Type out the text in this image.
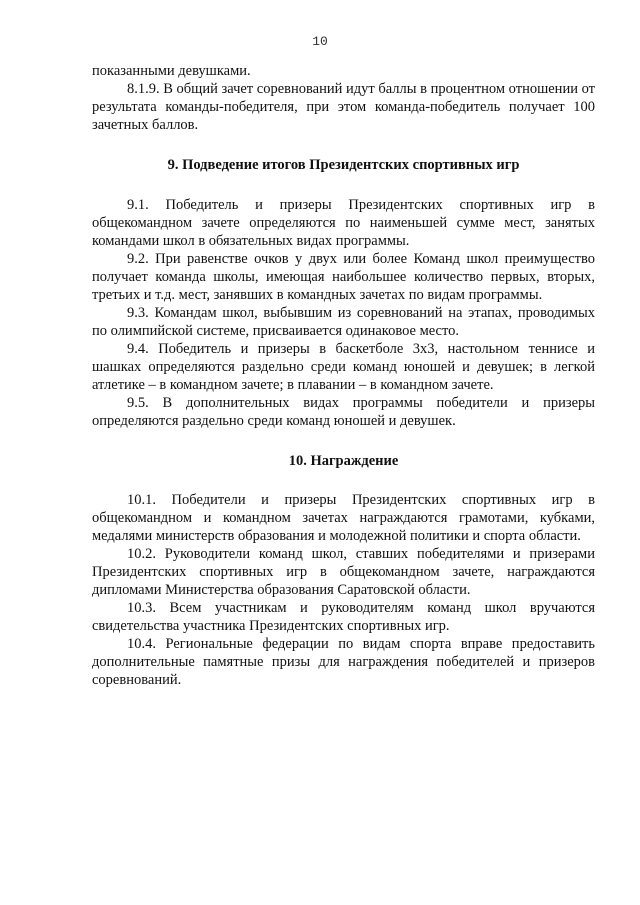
10

показанными девушками.

8.1.9. В общий зачет соревнований идут баллы в процентном отношении от результата команды-победителя, при этом команда-победитель получает 100 зачетных баллов.

9. Подведение итогов Президентских спортивных игр

9.1. Победитель и призеры Президентских спортивных игр в общекомандном зачете определяются по наименьшей сумме мест, занятых командами школ в обязательных видах программы.

9.2. При равенстве очков у двух или более Команд школ преимущество получает команда школы, имеющая наибольшее количество первых, вторых, третьих и т.д. мест, занявших в командных зачетах по видам программы.

9.3. Командам школ, выбывшим из соревнований на этапах, проводимых по олимпийской системе, присваивается одинаковое место.

9.4. Победитель и призеры в баскетболе 3х3, настольном теннисе и шашках определяются раздельно среди команд юношей и девушек; в легкой атлетике – в командном зачете; в плавании – в командном зачете.

9.5. В дополнительных видах программы победители и призеры определяются раздельно среди команд юношей и девушек.

10. Награждение

10.1. Победители и призеры Президентских спортивных игр в общекомандном и командном зачетах награждаются грамотами, кубками, медалями министерств образования и молодежной политики и спорта области.

10.2. Руководители команд школ, ставших победителями и призерами Президентских спортивных игр в общекомандном зачете, награждаются дипломами Министерства образования Саратовской области.

10.3. Всем участникам и руководителям команд школ вручаются свидетельства участника Президентских спортивных игр.

10.4. Региональные федерации по видам спорта вправе предоставить дополнительные памятные призы для награждения победителей и призеров соревнований.
